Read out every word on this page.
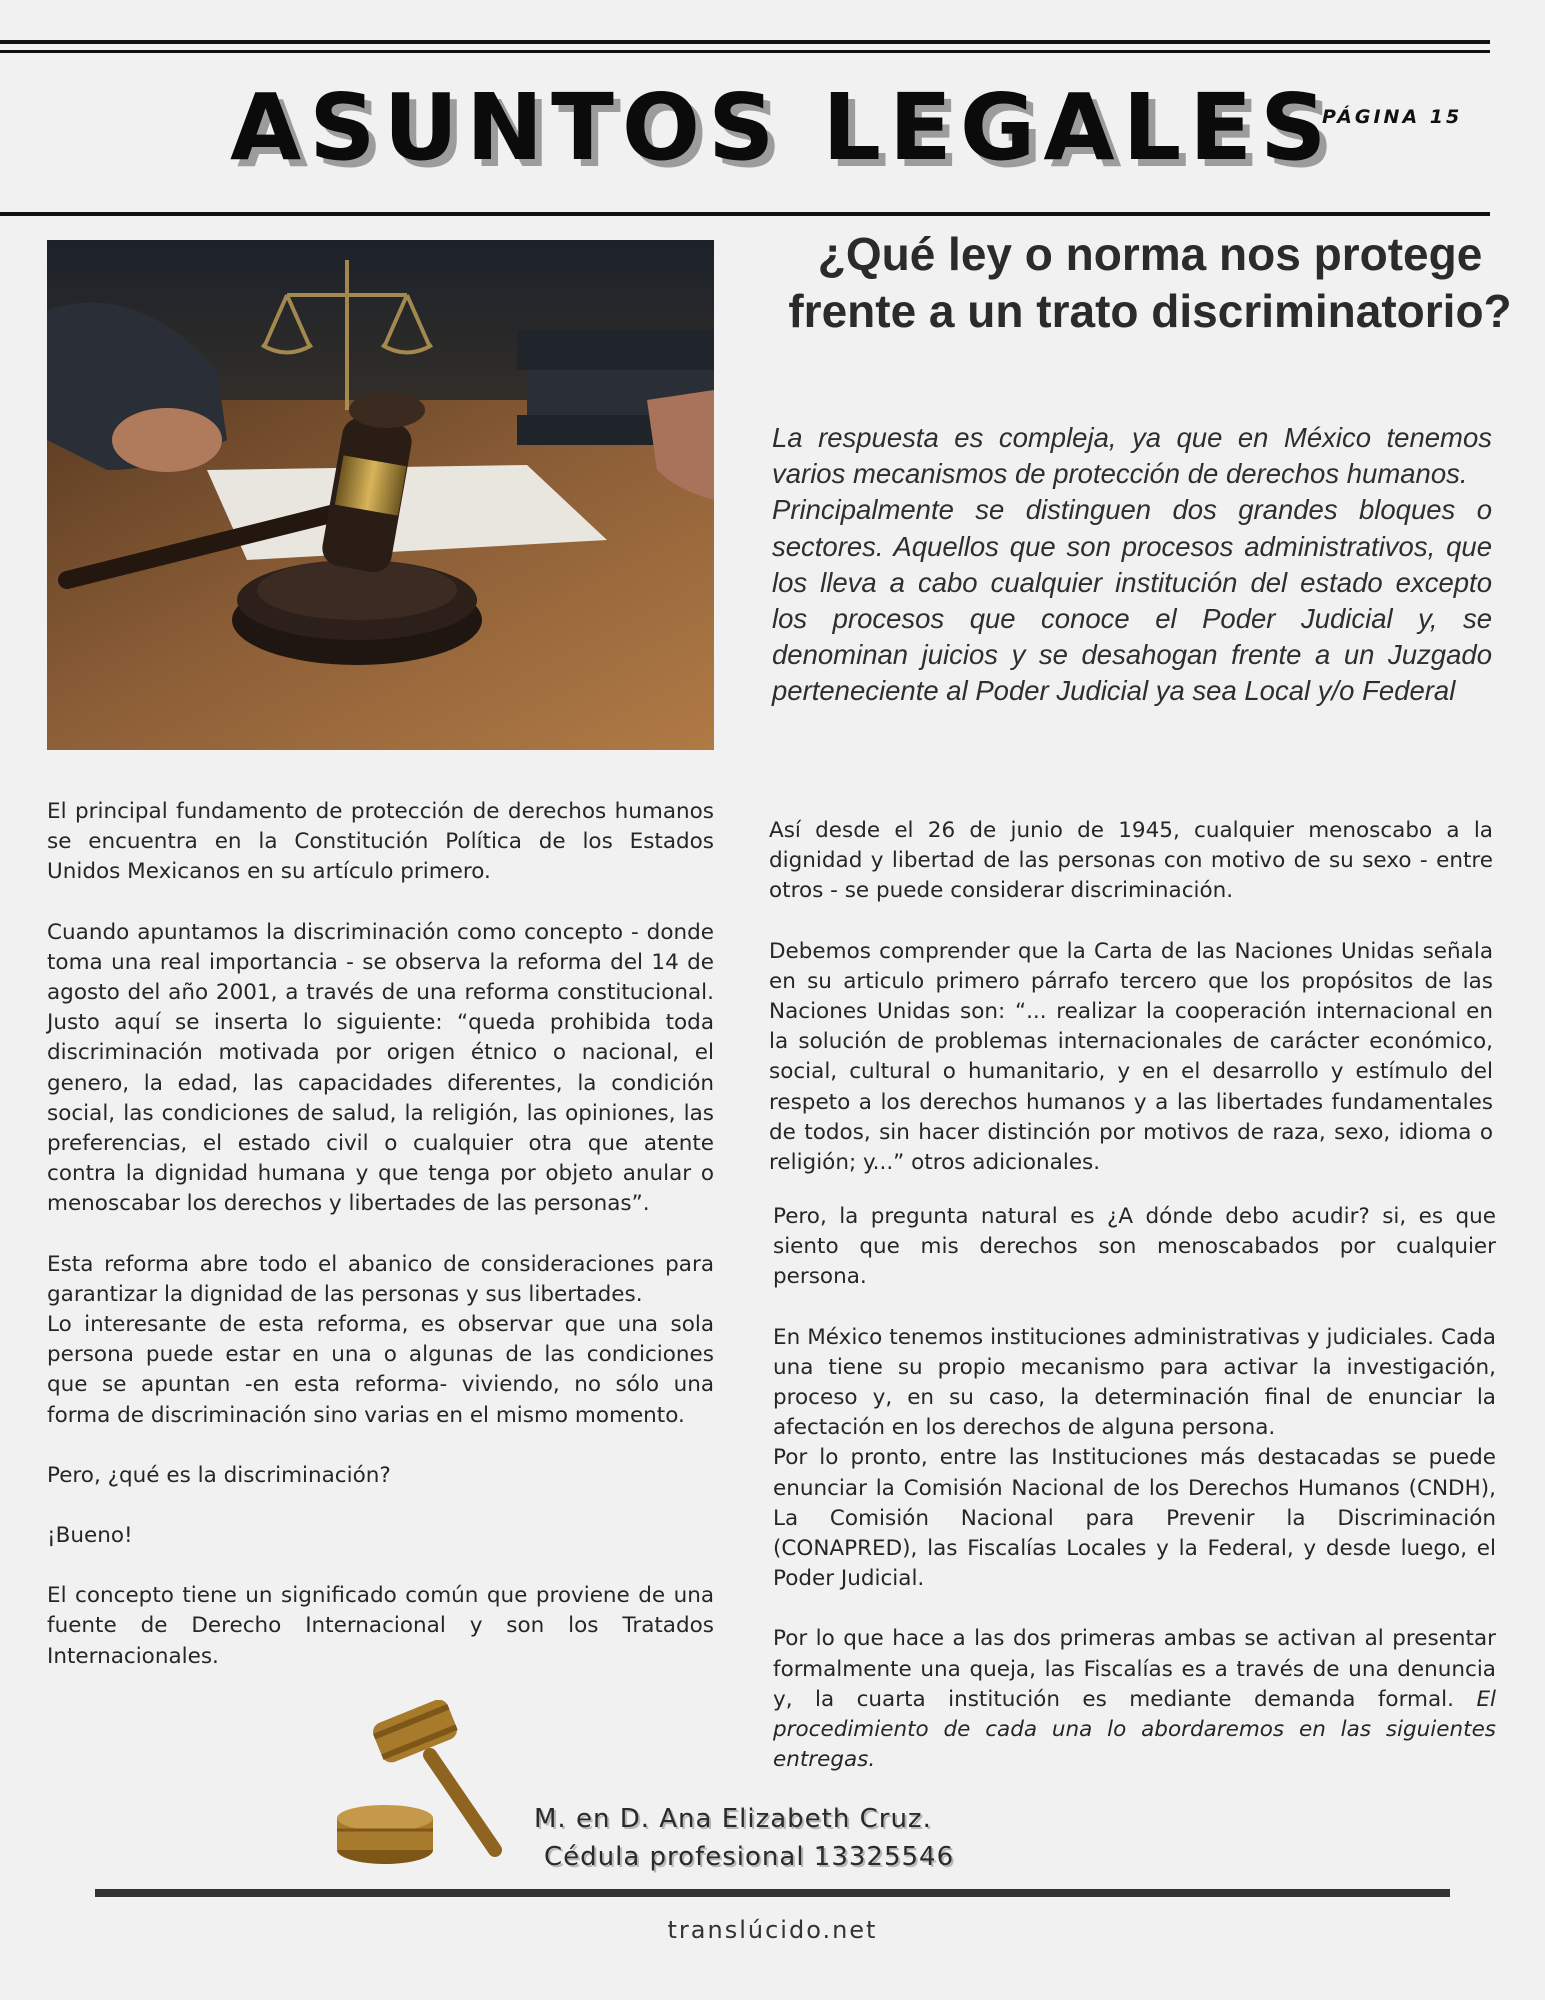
ASUNTOS LEGALES
PÁGINA 15
¿Qué ley o norma nos protege frente a un trato discriminatorio?

La respuesta es compleja, ya que en México tenemos varios mecanismos de protección de derechos humanos.

Principalmente se distinguen dos grandes bloques o sectores. Aquellos que son procesos administrativos, que los lleva a cabo cualquier institución del estado excepto los procesos que conoce el Poder Judicial y, se denominan juicios y se desahogan frente a un Juzgado perteneciente al Poder Judicial ya sea Local y/o Federal

El principal fundamento de protección de derechos humanos se encuentra en la Constitución Política de los Estados Unidos Mexicanos en su artículo primero.

Cuando apuntamos la discriminación como concepto - donde toma una real importancia - se observa la reforma del 14 de agosto del año 2001, a través de una reforma constitucional. Justo aquí se inserta lo siguiente: “queda prohibida toda discriminación motivada por origen étnico o nacional, el genero, la edad, las capacidades diferentes, la condición social, las condiciones de salud, la religión, las opiniones, las preferencias, el estado civil o cualquier otra que atente contra la dignidad humana y que tenga por objeto anular o menoscabar los derechos y libertades de las personas”.

Esta reforma abre todo el abanico de consideraciones para garantizar la dignidad de las personas y sus libertades.

Lo interesante de esta reforma, es observar que una sola persona puede estar en una o algunas de las condiciones que se apuntan -en esta reforma- viviendo, no sólo una forma de discriminación sino varias en el mismo momento.

Pero, ¿qué es la discriminación?

¡Bueno!

El concepto tiene un significado común que proviene de una fuente de Derecho Internacional y son los Tratados Internacionales.

Así desde el 26 de junio de 1945, cualquier menoscabo a la dignidad y libertad de las personas con motivo de su sexo - entre otros - se puede considerar discriminación.

Debemos comprender que la Carta de las Naciones Unidas señala en su articulo primero párrafo tercero que los propósitos de las Naciones Unidas son: “... realizar la cooperación internacional en la solución de problemas internacionales de carácter económico, social, cultural o humanitario, y en el desarrollo y estímulo del respeto a los derechos humanos y a las libertades fundamentales de todos, sin hacer distinción por motivos de raza, sexo, idioma o religión; y...” otros adicionales.

Pero, la pregunta natural es ¿A dónde debo acudir? si, es que siento que mis derechos son menoscabados por cualquier persona.

En México tenemos instituciones administrativas y judiciales. Cada una tiene su propio mecanismo para activar la investigación, proceso y, en su caso, la determinación final de enunciar la afectación en los derechos de alguna persona.

Por lo pronto, entre las Instituciones más destacadas se puede enunciar la Comisión Nacional de los Derechos Humanos (CNDH), La Comisión Nacional para Prevenir la Discriminación (CONAPRED), las Fiscalías Locales y la Federal, y desde luego, el Poder Judicial.

Por lo que hace a las dos primeras ambas se activan al presentar formalmente una queja, las Fiscalías es a través de una denuncia y, la cuarta institución es mediante demanda formal. El procedimiento de cada una lo abordaremos en las siguientes entregas.

M. en D. Ana Elizabeth Cruz.
Cédula profesional 13325546
translúcido.net
